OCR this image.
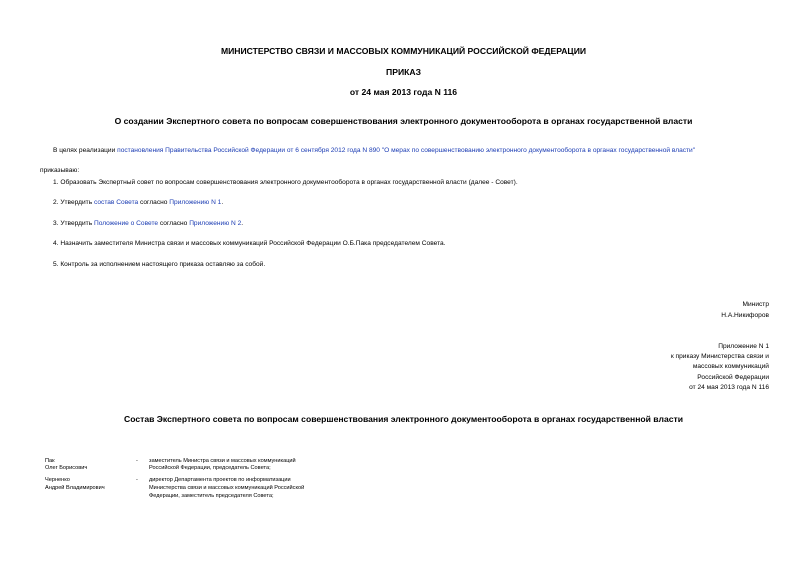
МИНИСТЕРСТВО СВЯЗИ И МАССОВЫХ КОММУНИКАЦИЙ РОССИЙСКОЙ ФЕДЕРАЦИИ
ПРИКАЗ
от 24 мая 2013 года N 116
О создании Экспертного совета по вопросам совершенствования электронного документооборота в органах государственной власти
В целях реализации постановления Правительства Российской Федерации от 6 сентября 2012 года N 890 "О мерах по совершенствованию электронного документооборота в органах государственной власти"
приказываю:
1. Образовать Экспертный совет по вопросам совершенствования электронного документооборота в органах государственной власти (далее - Совет).
2. Утвердить состав Совета согласно Приложению N 1.
3. Утвердить Положение о Совете согласно Приложению N 2.
4. Назначить заместителя Министра связи и массовых коммуникаций Российской Федерации О.Б.Пака председателем Совета.
5. Контроль за исполнением настоящего приказа оставляю за собой.
Министр
Н.А.Никифоров
Приложение N 1
к приказу Министерства связи и
массовых коммуникаций
Российской Федерации
от 24 мая 2013 года N 116
Состав Экспертного совета по вопросам совершенствования электронного документооборота в органах государственной власти
Пак
Олег Борисович
- заместитель Министра связи и массовых коммуникаций
Российской Федерации, председатель Совета;
Черненко
Андрей Владимирович
- директор Департамента проектов по информатизации
Министерства связи и массовых коммуникаций Российской
Федерации, заместитель председателя Совета;
